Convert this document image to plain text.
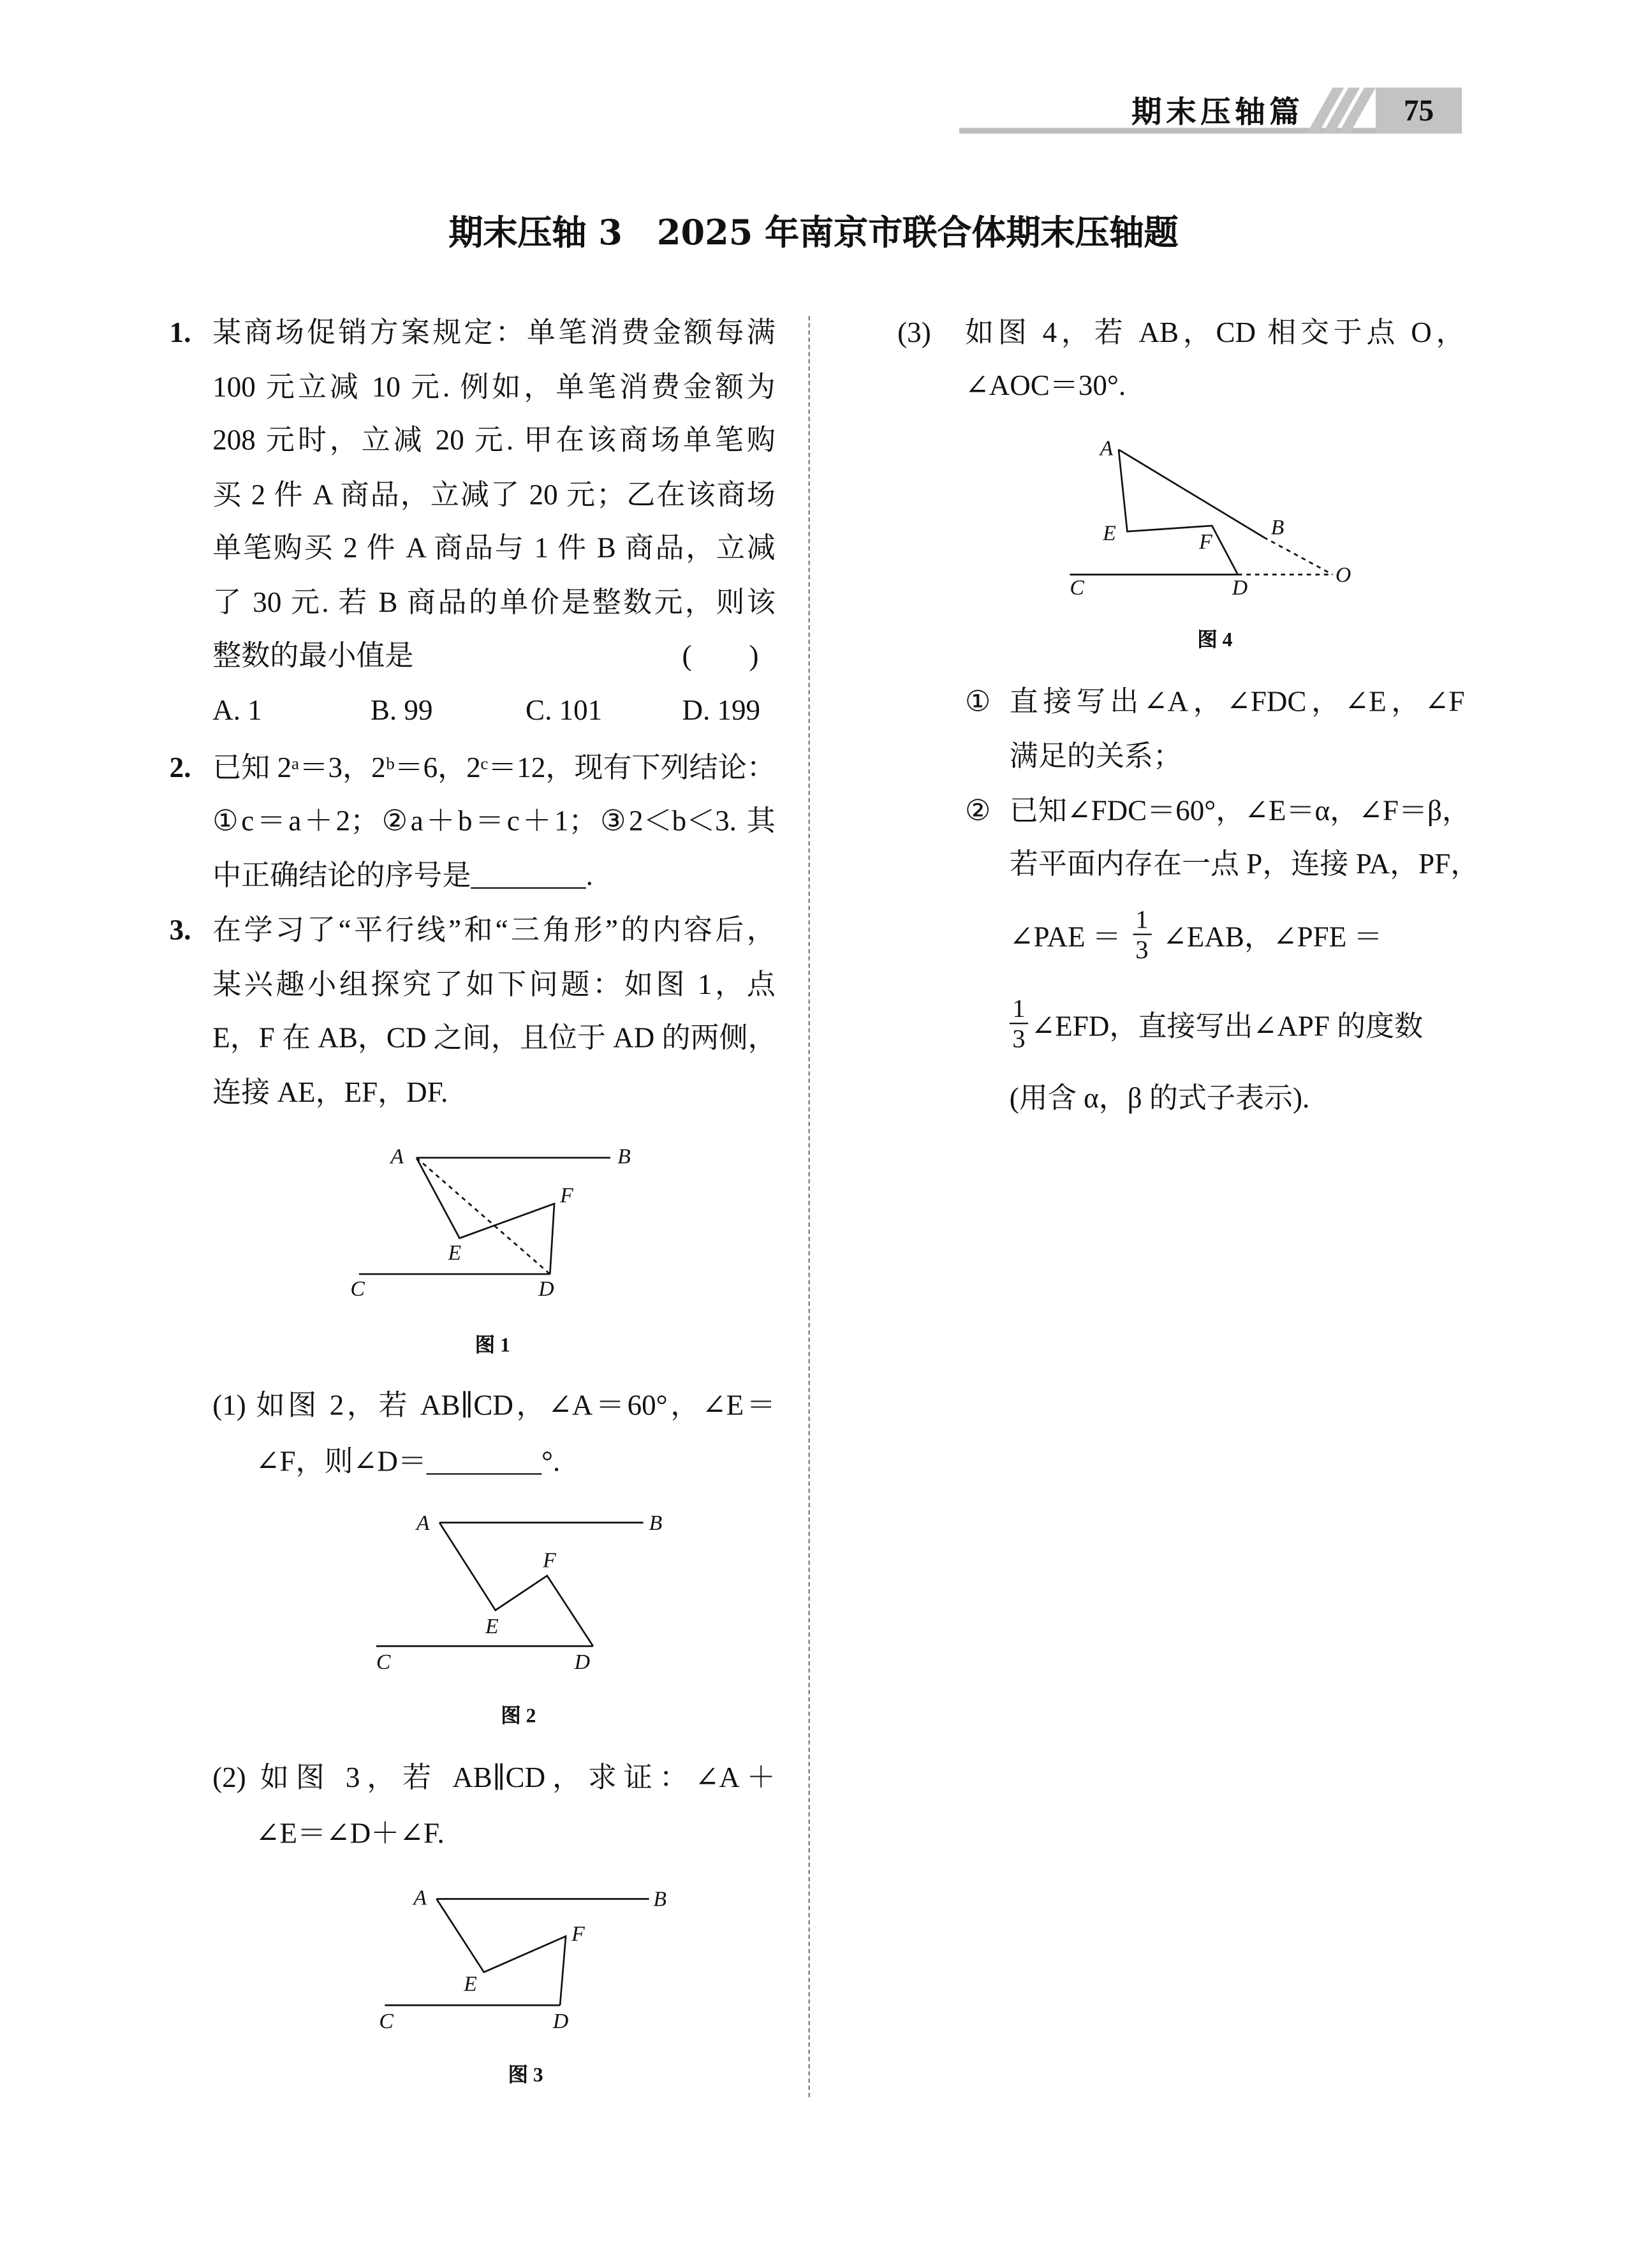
期末压轴篇	75
期末压轴 3　2025 年南京市联合体期末压轴题
1. 某商场促销方案规定：单笔消费金额每满
100 元立减 10 元. 例如，单笔消费金额为
208 元时，立减 20 元. 甲在该商场单笔购
买 2 件 A 商品，立减了 20 元；乙在该商场
单笔购买 2 件 A 商品与 1 件 B 商品，立减
了 30 元. 若 B 商品的单价是整数元，则该
整数的最小值是	(　　)
A. 1	B. 99	C. 101	D. 199
2. 已知 2ᵃ＝3，2ᵇ＝6，2ᶜ＝12，现有下列结论：
①c＝a＋2；②a＋b＝c＋1；③2＜b＜3. 其
中正确结论的序号是________.
3. 在学习了“平行线”和“三角形”的内容后，
某兴趣小组探究了如下问题：如图 1，点
E，F 在 AB，CD 之间，且位于 AD 的两侧，
连接 AE，EF，DF.
(1) 如图 2，若 AB∥CD，∠A＝60°，∠E＝
∠F，则∠D＝________°.
(2) 如图 3，若 AB∥CD，求证：∠A＋
∠E＝∠D＋∠F.
(3)	如图 4，若 AB，CD 相交于点 O，
∠AOC＝30°.
① 直接写出∠A，∠FDC，∠E，∠F
满足的关系；
② 已知∠FDC＝60°，∠E＝α，∠F＝β，
若平面内存在一点 P，连接 PA，PF，
∠PAE ＝ $\frac{1}{3}$ ∠EAB，∠PFE ＝
$\frac{1}{3}$ ∠EFD，直接写出∠APF 的度数
(用含 α，β 的式子表示).
A	B
C	D
E
F
A	B
C	D
E
F
A	B
C	D
E
F
A
B
C	D
E	F
O
图 1
图 2
图 3
图 4
